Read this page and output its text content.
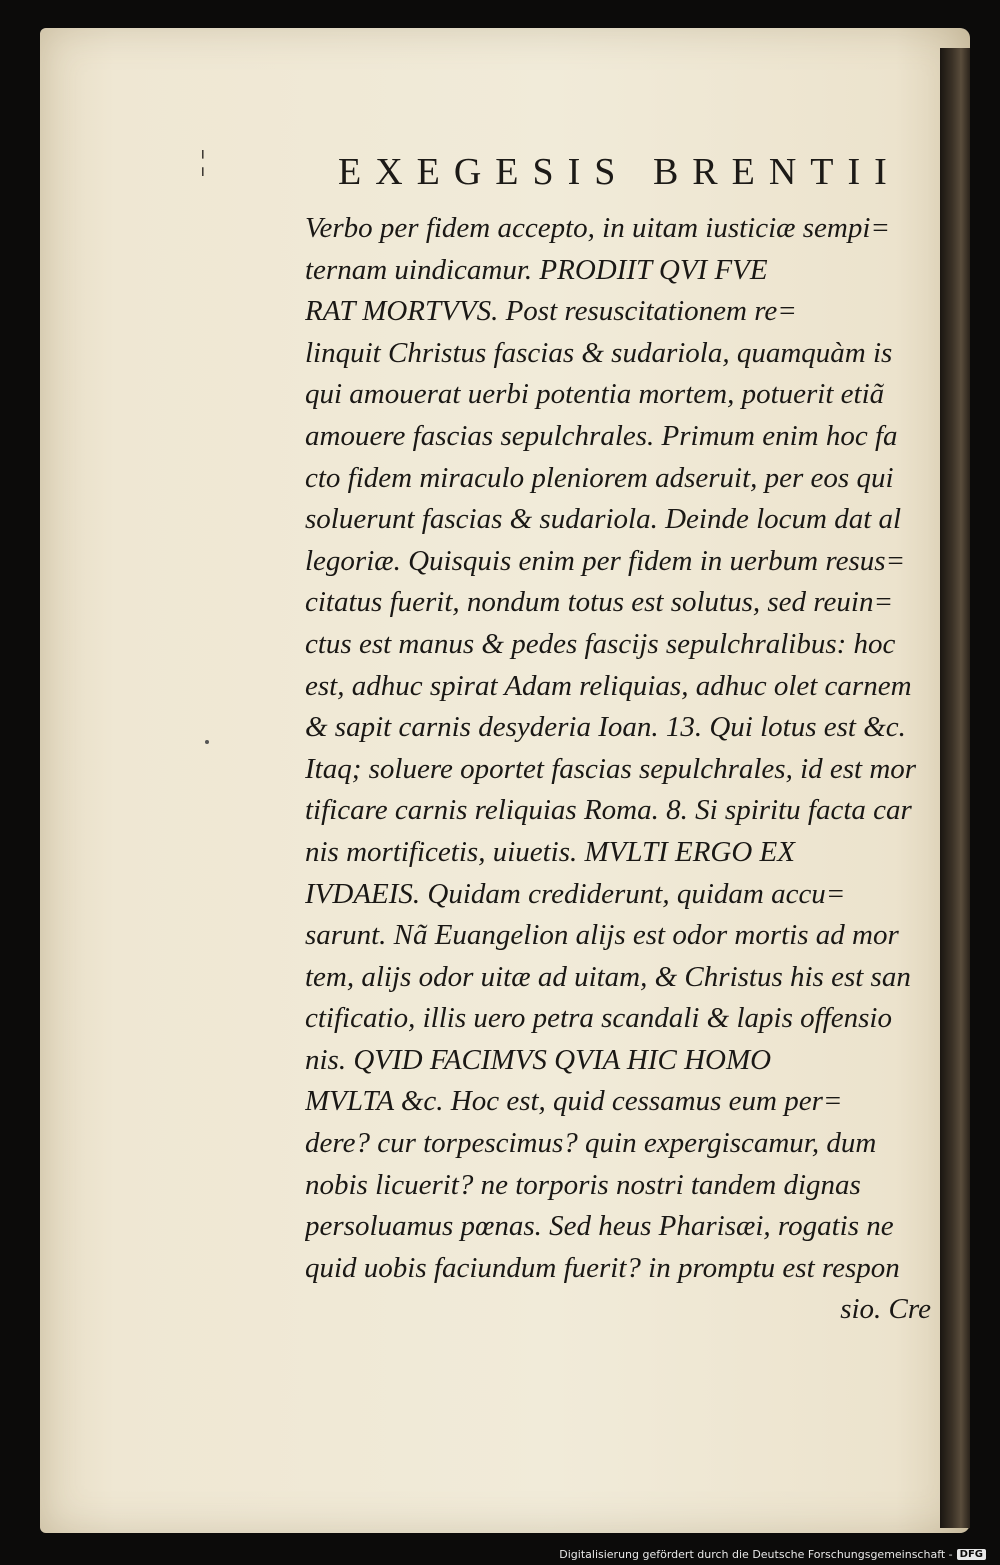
¦	EXEGESIS BRENTII
Verbo per fidem accepto, in uitam iusticiæ sempi=
ternam uindicamur. PRODIIT QVI FVE
RAT MORTVVS. Post resuscitationem re=
linquit Christus fascias & sudariola, quamquàm is
qui amouerat uerbi potentia mortem, potuerit etiã
amouere fascias sepulchrales. Primum enim hoc fa
cto fidem miraculo pleniorem adseruit, per eos qui
soluerunt fascias & sudariola. Deinde locum dat al
legoriæ. Quisquis enim per fidem in uerbum resus=
citatus fuerit, nondum totus est solutus, sed reuin=
ctus est manus & pedes fascijs sepulchralibus: hoc
est, adhuc spirat Adam reliquias, adhuc olet carnem
& sapit carnis desyderia Ioan. 13. Qui lotus est &c.
Itaq; soluere oportet fascias sepulchrales, id est mor
tificare carnis reliquias Roma. 8. Si spiritu facta car
nis mortificetis, uiuetis. MVLTI ERGO EX
IVDAEIS. Quidam crediderunt, quidam accu=
sarunt. Nã Euangelion alijs est odor mortis ad mor
tem, alijs odor uitæ ad uitam, & Christus his est san
ctificatio, illis uero petra scandali & lapis offensio
nis. QVID FACIMVS QVIA HIC HOMO
MVLTA &c. Hoc est, quid cessamus eum per=
dere? cur torpescimus? quin expergiscamur, dum
nobis licuerit? ne torporis nostri tandem dignas
persoluamus pœnas. Sed heus Pharisæi, rogatis ne
quid uobis faciundum fuerit? in promptu est respon
sio. Cre
Digitalisierung gefördert durch die Deutsche Forschungsgemeinschaft - DFG
